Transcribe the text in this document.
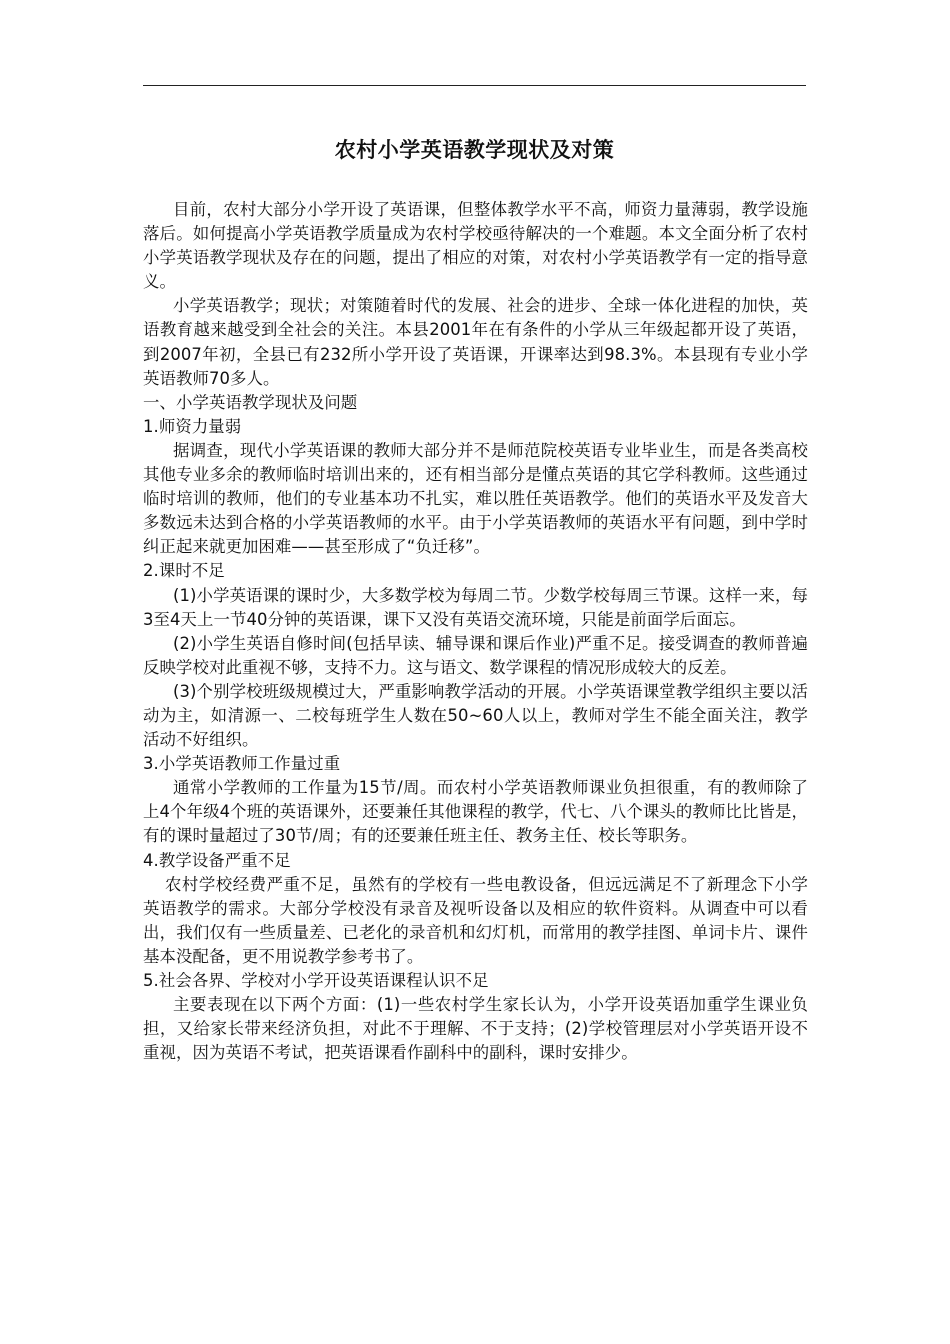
农村小学英语教学现状及对策

目前，农村大部分小学开设了英语课，但整体教学水平不高，师资力量薄弱，教学设施落后。如何提高小学英语教学质量成为农村学校亟待解决的一个难题。本文全面分析了农村小学英语教学现状及存在的问题，提出了相应的对策，对农村小学英语教学有一定的指导意义。

小学英语教学；现状；对策随着时代的发展、社会的进步、全球一体化进程的加快，英语教育越来越受到全社会的关注。本县2001年在有条件的小学从三年级起都开设了英语，到2007年初，全县已有232所小学开设了英语课，开课率达到98.3%。本县现有专业小学英语教师70多人。

一、小学英语教学现状及问题

1.师资力量弱

据调查，现代小学英语课的教师大部分并不是师范院校英语专业毕业生，而是各类高校其他专业多余的教师临时培训出来的，还有相当部分是懂点英语的其它学科教师。这些通过临时培训的教师，他们的专业基本功不扎实，难以胜任英语教学。他们的英语水平及发音大多数远未达到合格的小学英语教师的水平。由于小学英语教师的英语水平有问题，到中学时纠正起来就更加困难——甚至形成了“负迁移”。

2.课时不足

(1)小学英语课的课时少，大多数学校为每周二节。少数学校每周三节课。这样一来，每3至4天上一节40分钟的英语课，课下又没有英语交流环境，只能是前面学后面忘。

(2)小学生英语自修时间(包括早读、辅导课和课后作业)严重不足。接受调查的教师普遍反映学校对此重视不够，支持不力。这与语文、数学课程的情况形成较大的反差。

(3)个别学校班级规模过大，严重影响教学活动的开展。小学英语课堂教学组织主要以活动为主，如清源一、二校每班学生人数在50~60人以上，教师对学生不能全面关注，教学活动不好组织。

3.小学英语教师工作量过重

通常小学教师的工作量为15节/周。而农村小学英语教师课业负担很重，有的教师除了上4个年级4个班的英语课外，还要兼任其他课程的教学，代七、八个课头的教师比比皆是，有的课时量超过了30节/周；有的还要兼任班主任、教务主任、校长等职务。

4.教学设备严重不足

农村学校经费严重不足，虽然有的学校有一些电教设备，但远远满足不了新理念下小学英语教学的需求。大部分学校没有录音及视听设备以及相应的软件资料。从调查中可以看出，我们仅有一些质量差、已老化的录音机和幻灯机，而常用的教学挂图、单词卡片、课件基本没配备，更不用说教学参考书了。

5.社会各界、学校对小学开设英语课程认识不足

主要表现在以下两个方面：(1)一些农村学生家长认为，小学开设英语加重学生课业负担，又给家长带来经济负担，对此不于理解、不于支持；(2)学校管理层对小学英语开设不重视，因为英语不考试，把英语课看作副科中的副科，课时安排少。
